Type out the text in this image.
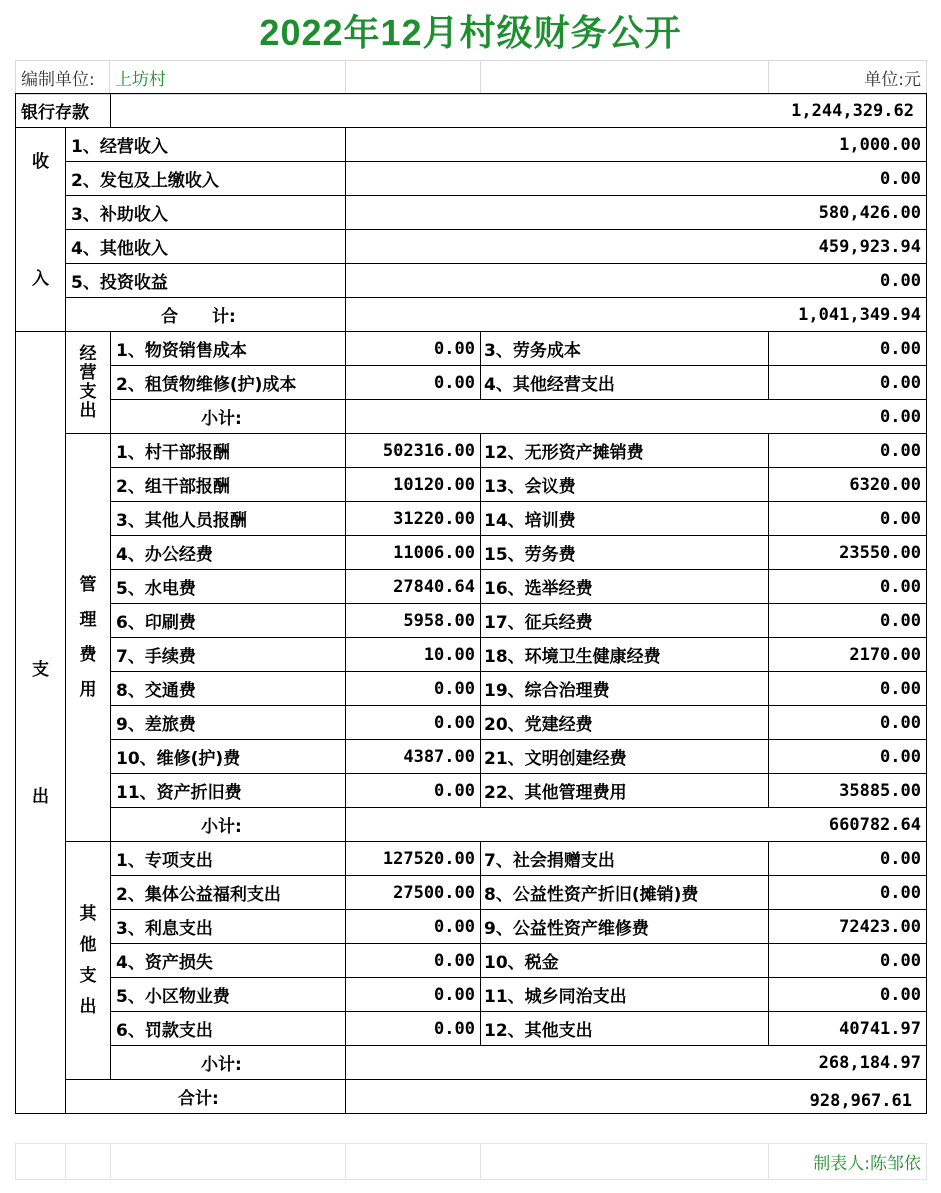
2022年12月村级财务公开
编制单位:	上坊村			单位:元
银行存款		1,244,329.62			

收
入	1、经营收入		1,000.00		
	2、发包及上缴收入		0.00		
	3、补助收入		580,426.00		
	4、其他收入		459,923.94		
	5、投资收益		0.00		
	合　　计:		1,041,349.94		

支
出	经
营
支
出	1、物资销售成本	0.00	3、劳务成本	0.00
		2、租赁物维修(护)成本	0.00	4、其他经营支出	0.00
		小计:	0.00		

	管
理
费
用	1、村干部报酬	502316.00	12、无形资产摊销费	0.00
		2、组干部报酬	10120.00	13、会议费	6320.00
		3、其他人员报酬	31220.00	14、培训费	0.00
		4、办公经费	11006.00	15、劳务费	23550.00
		5、水电费	27840.64	16、选举经费	0.00
		6、印刷费	5958.00	17、征兵经费	0.00
		7、手续费	10.00	18、环境卫生健康经费	2170.00
		8、交通费	0.00	19、综合治理费	0.00
		9、差旅费	0.00	20、党建经费	0.00
		10、维修(护)费	4387.00	21、文明创建经费	0.00
		11、资产折旧费	0.00	22、其他管理费用	35885.00
		小计:	660782.64		

	其
他
支
出	1、专项支出	127520.00	7、社会捐赠支出	0.00
		2、集体公益福利支出	27500.00	8、公益性资产折旧(摊销)费	0.00
		3、利息支出	0.00	9、公益性资产维修费	72423.00
		4、资产损失	0.00	10、税金	0.00
		5、小区物业费	0.00	11、城乡同治支出	0.00
		6、罚款支出	0.00	12、其他支出	40741.97
		小计:	268,184.97		
	合计:		928,967.61		
					制表人:陈邹依
